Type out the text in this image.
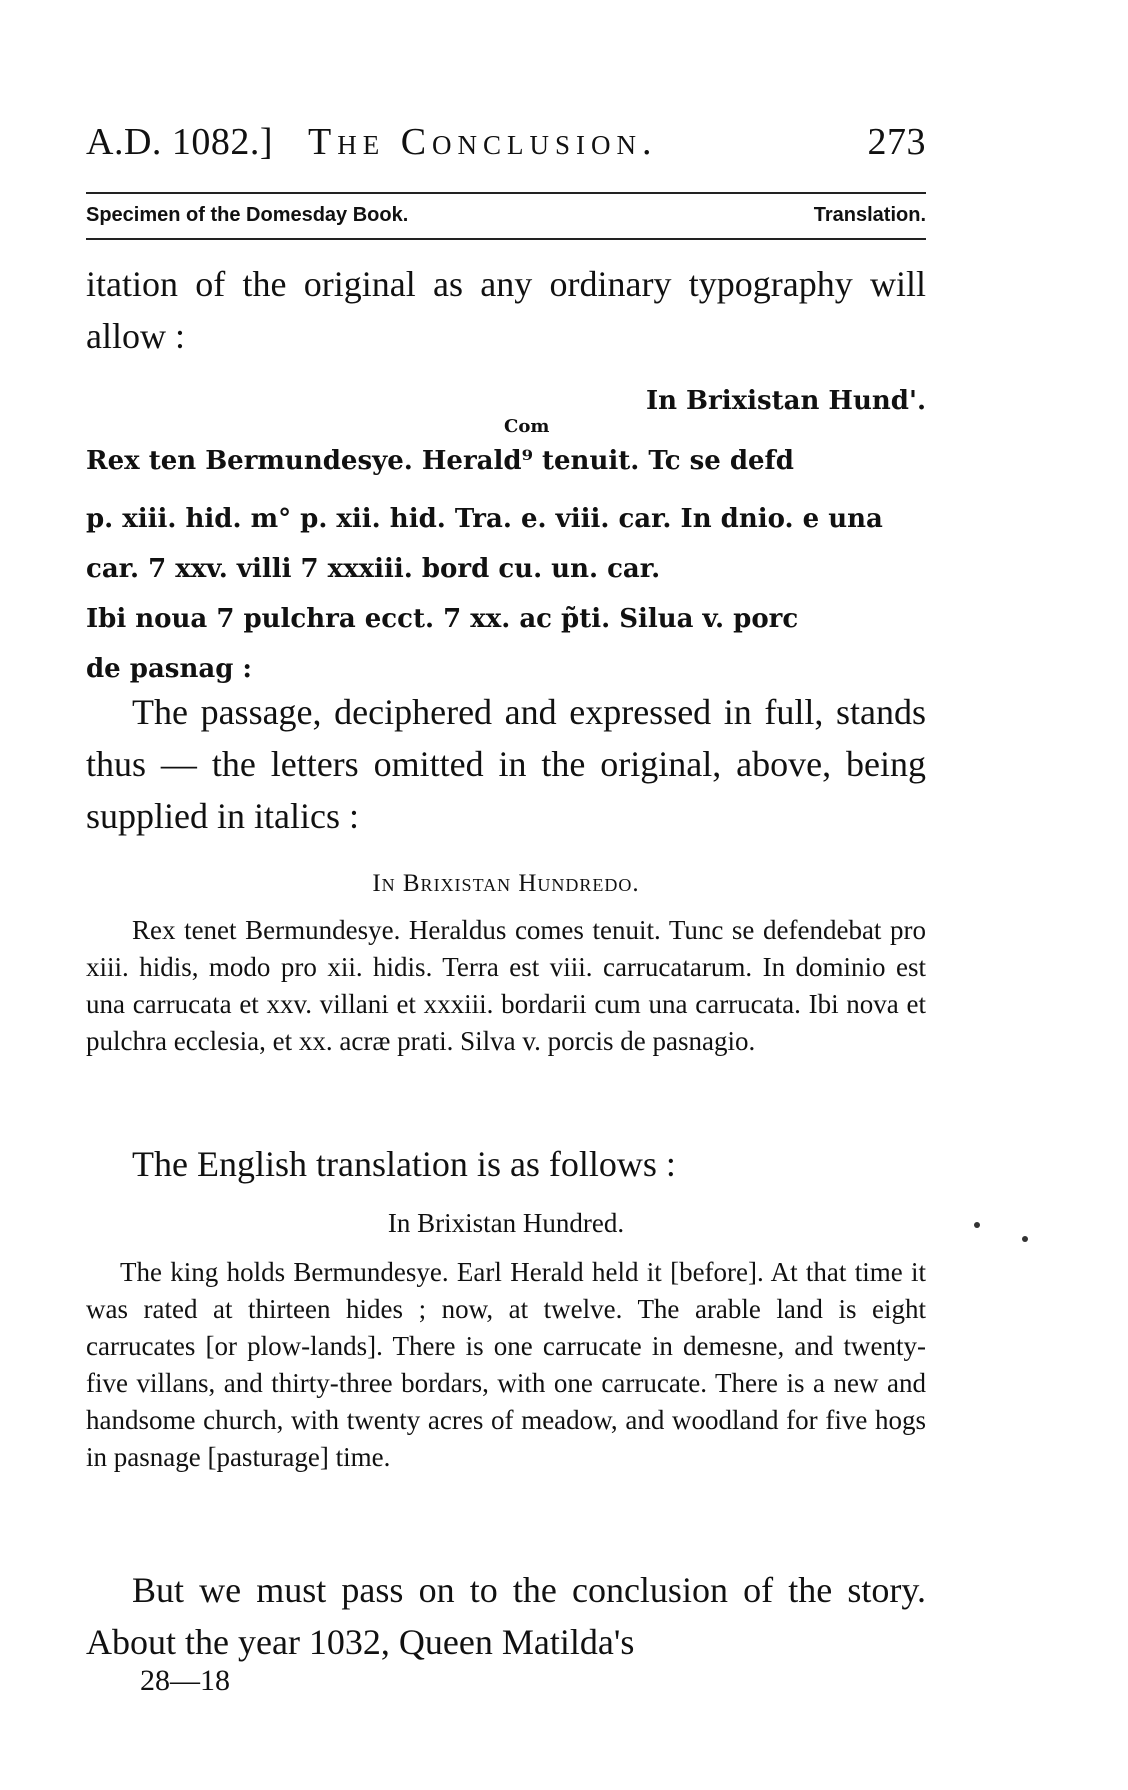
A.D. 1082.] The Conclusion.	273
Specimen of the Domesday Book.	Translation.

itation of the original as any ordinary typography will allow :

In Brixistan Hund'.
Com
Rex ten Bermundesye. Herald⁹ tenuit. Tc se defd
p. xiii. hid. m° p. xii. hid. Tra. e. viii. car. In dnio. e una
car. 7 xxv. villi 7 xxxiii. bord cu. un. car.
Ibi noua 7 pulchra ecct. 7 xx. ac p̃ti. Silua v. porc
de pasnag :

The passage, deciphered and expressed in full, stands thus — the letters omitted in the original, above, being supplied in italics :

In Brixistan Hundredo.

Rex tenet Bermundesye. Heraldus comes tenuit. Tunc se defendebat pro xiii. hidis, modo pro xii. hidis. Terra est viii. carrucatarum. In dominio est una carrucata et xxv. villani et xxxiii. bordarii cum una carrucata. Ibi nova et pulchra ecclesia, et xx. acræ prati. Silva v. porcis de pasnagio.

The English translation is as follows :

In Brixistan Hundred.

The king holds Bermundesye. Earl Herald held it [before]. At that time it was rated at thirteen hides ; now, at twelve. The arable land is eight carrucates [or plow-lands]. There is one carrucate in demesne, and twenty-five villans, and thirty-three bordars, with one carrucate. There is a new and handsome church, with twenty acres of meadow, and woodland for five hogs in pasnage [pasturage] time.

But we must pass on to the conclusion of the story. About the year 1032, Queen Matilda's

28—18
